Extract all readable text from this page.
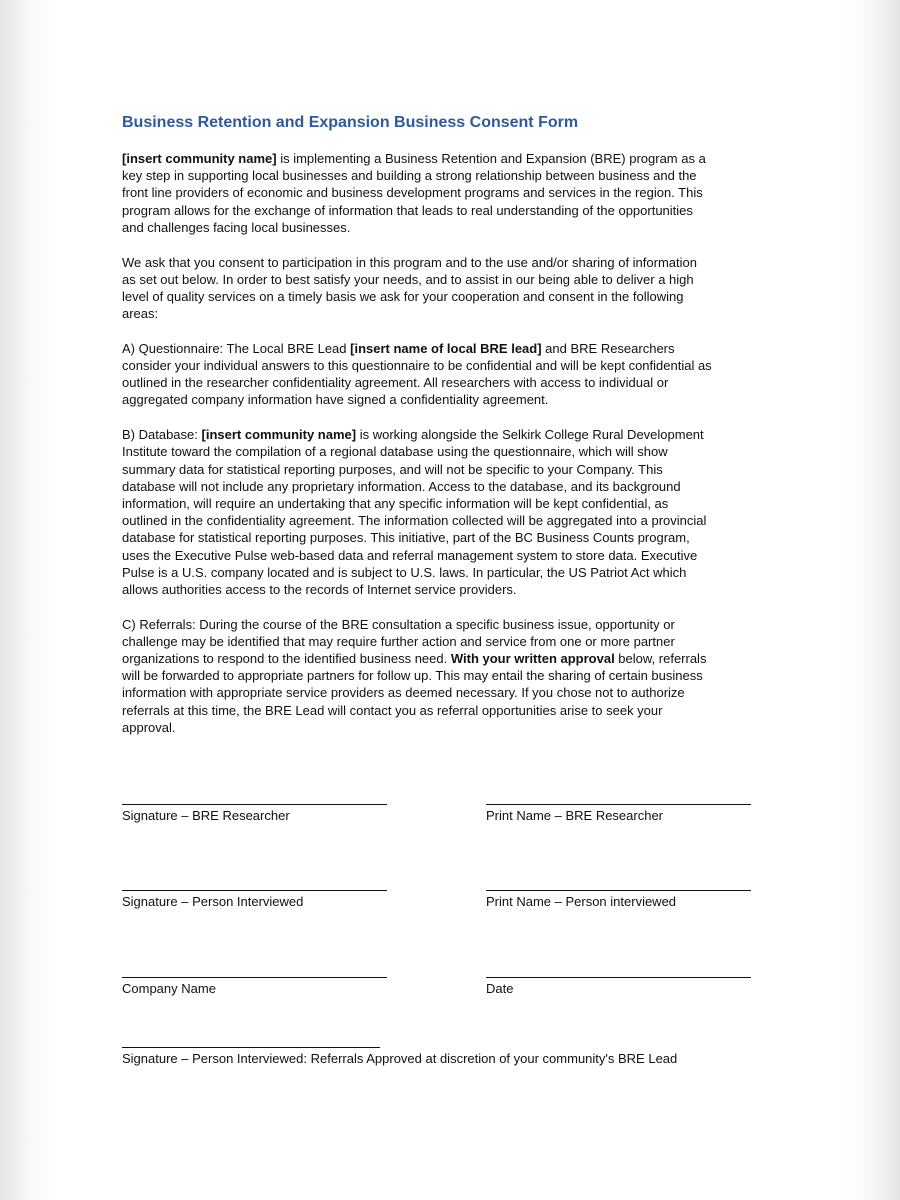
Business Retention and Expansion Business Consent Form

[insert community name] is implementing a Business Retention and Expansion (BRE) program as a
key step in supporting local businesses and building a strong relationship between business and the
front line providers of economic and business development programs and services in the region. This
program allows for the exchange of information that leads to real understanding of the opportunities
and challenges facing local businesses.

We ask that you consent to participation in this program and to the use and/or sharing of information
as set out below. In order to best satisfy your needs, and to assist in our being able to deliver a high
level of quality services on a timely basis we ask for your cooperation and consent in the following
areas:

A) Questionnaire: The Local BRE Lead [insert name of local BRE lead] and BRE Researchers
consider your individual answers to this questionnaire to be confidential and will be kept confidential as
outlined in the researcher confidentiality agreement. All researchers with access to individual or
aggregated company information have signed a confidentiality agreement.

B) Database: [insert community name] is working alongside the Selkirk College Rural Development
Institute toward the compilation of a regional database using the questionnaire, which will show
summary data for statistical reporting purposes, and will not be specific to your Company. This
database will not include any proprietary information. Access to the database, and its background
information, will require an undertaking that any specific information will be kept confidential, as
outlined in the confidentiality agreement. The information collected will be aggregated into a provincial
database for statistical reporting purposes. This initiative, part of the BC Business Counts program,
uses the Executive Pulse web-based data and referral management system to store data. Executive
Pulse is a U.S. company located and is subject to U.S. laws. In particular, the US Patriot Act which
allows authorities access to the records of Internet service providers.

C) Referrals: During the course of the BRE consultation a specific business issue, opportunity or
challenge may be identified that may require further action and service from one or more partner
organizations to respond to the identified business need. With your written approval below, referrals
will be forwarded to appropriate partners for follow up. This may entail the sharing of certain business
information with appropriate service providers as deemed necessary. If you chose not to authorize
referrals at this time, the BRE Lead will contact you as referral opportunities arise to seek your
approval.

Signature – BRE Researcher	Print Name – BRE Researcher
Signature – Person Interviewed	Print Name – Person interviewed
Company Name	Date
Signature – Person Interviewed: Referrals Approved at discretion of your community's BRE Lead
